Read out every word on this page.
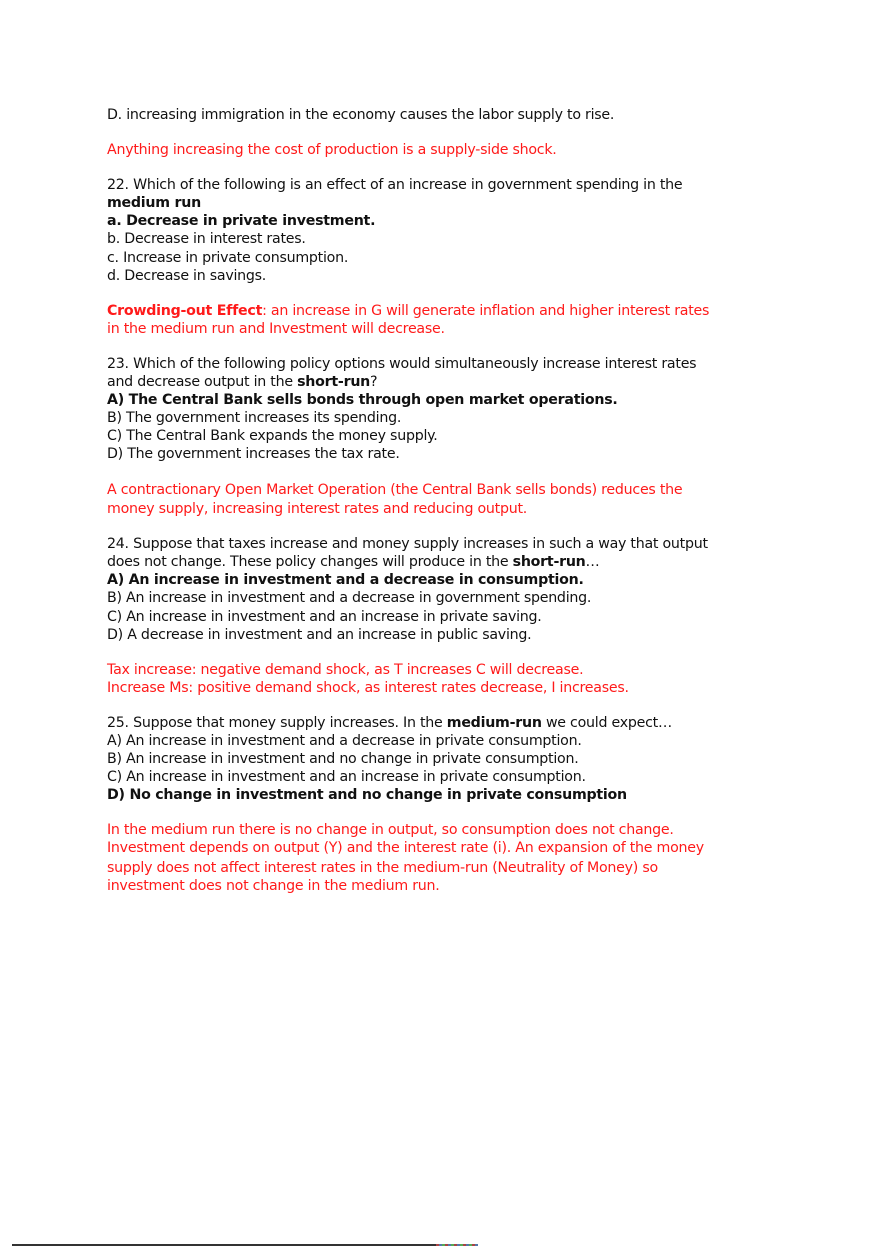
D. increasing immigration in the economy causes the labor supply to rise.
Anything increasing the cost of production is a supply-side shock.
22. Which of the following is an effect of an increase in government spending in the
medium run
a. Decrease in private investment.
b. Decrease in interest rates.
c. Increase in private consumption.
d. Decrease in savings.
Crowding-out Effect: an increase in G will generate inflation and higher interest rates
in the medium run and Investment will decrease.
23. Which of the following policy options would simultaneously increase interest rates
and decrease output in the short-run?
A) The Central Bank sells bonds through open market operations.
B) The government increases its spending.
C) The Central Bank expands the money supply.
D) The government increases the tax rate.
A contractionary Open Market Operation (the Central Bank sells bonds) reduces the
money supply, increasing interest rates and reducing output.
24. Suppose that taxes increase and money supply increases in such a way that output
does not change. These policy changes will produce in the short-run…
A) An increase in investment and a decrease in consumption.
B) An increase in investment and a decrease in government spending.
C) An increase in investment and an increase in private saving.
D) A decrease in investment and an increase in public saving.
Tax increase: negative demand shock, as T increases C will decrease.
Increase Ms: positive demand shock, as interest rates decrease, I increases.
25. Suppose that money supply increases. In the medium-run we could expect…
A) An increase in investment and a decrease in private consumption.
B) An increase in investment and no change in private consumption.
C) An increase in investment and an increase in private consumption.
D) No change in investment and no change in private consumption
In the medium run there is no change in output, so consumption does not change.
Investment depends on output (Y) and the interest rate (i). An expansion of the money
supply does not affect interest rates in the medium-run (Neutrality of Money) so
investment does not change in the medium run.
